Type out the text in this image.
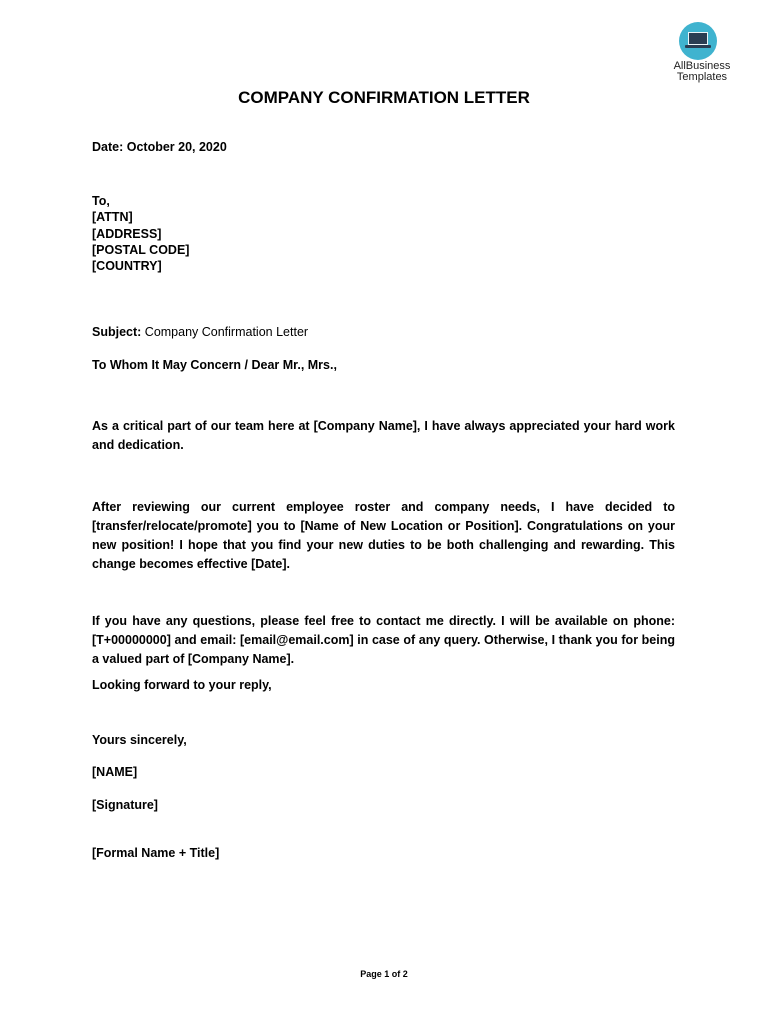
AllBusiness
Templates
COMPANY CONFIRMATION LETTER
Date: October 20, 2020
To,
[ATTN]
[ADDRESS]
[POSTAL CODE]
[COUNTRY]
Subject: Company Confirmation Letter
To Whom It May Concern / Dear Mr., Mrs.,
As a critical part of our team here at [Company Name], I have always appreciated your hard work and dedication.
After reviewing our current employee roster and company needs, I have decided to [transfer/relocate/promote] you to [Name of New Location or Position]. Congratulations on your new position! I hope that you find your new duties to be both challenging and rewarding. This change becomes effective [Date].
If you have any questions, please feel free to contact me directly. I will be available on phone: [T+00000000] and email: [email@email.com] in case of any query. Otherwise, I thank you for being a valued part of [Company Name].
Looking forward to your reply,
Yours sincerely,
[NAME]
[Signature]
[Formal Name + Title]
Page 1 of 2
